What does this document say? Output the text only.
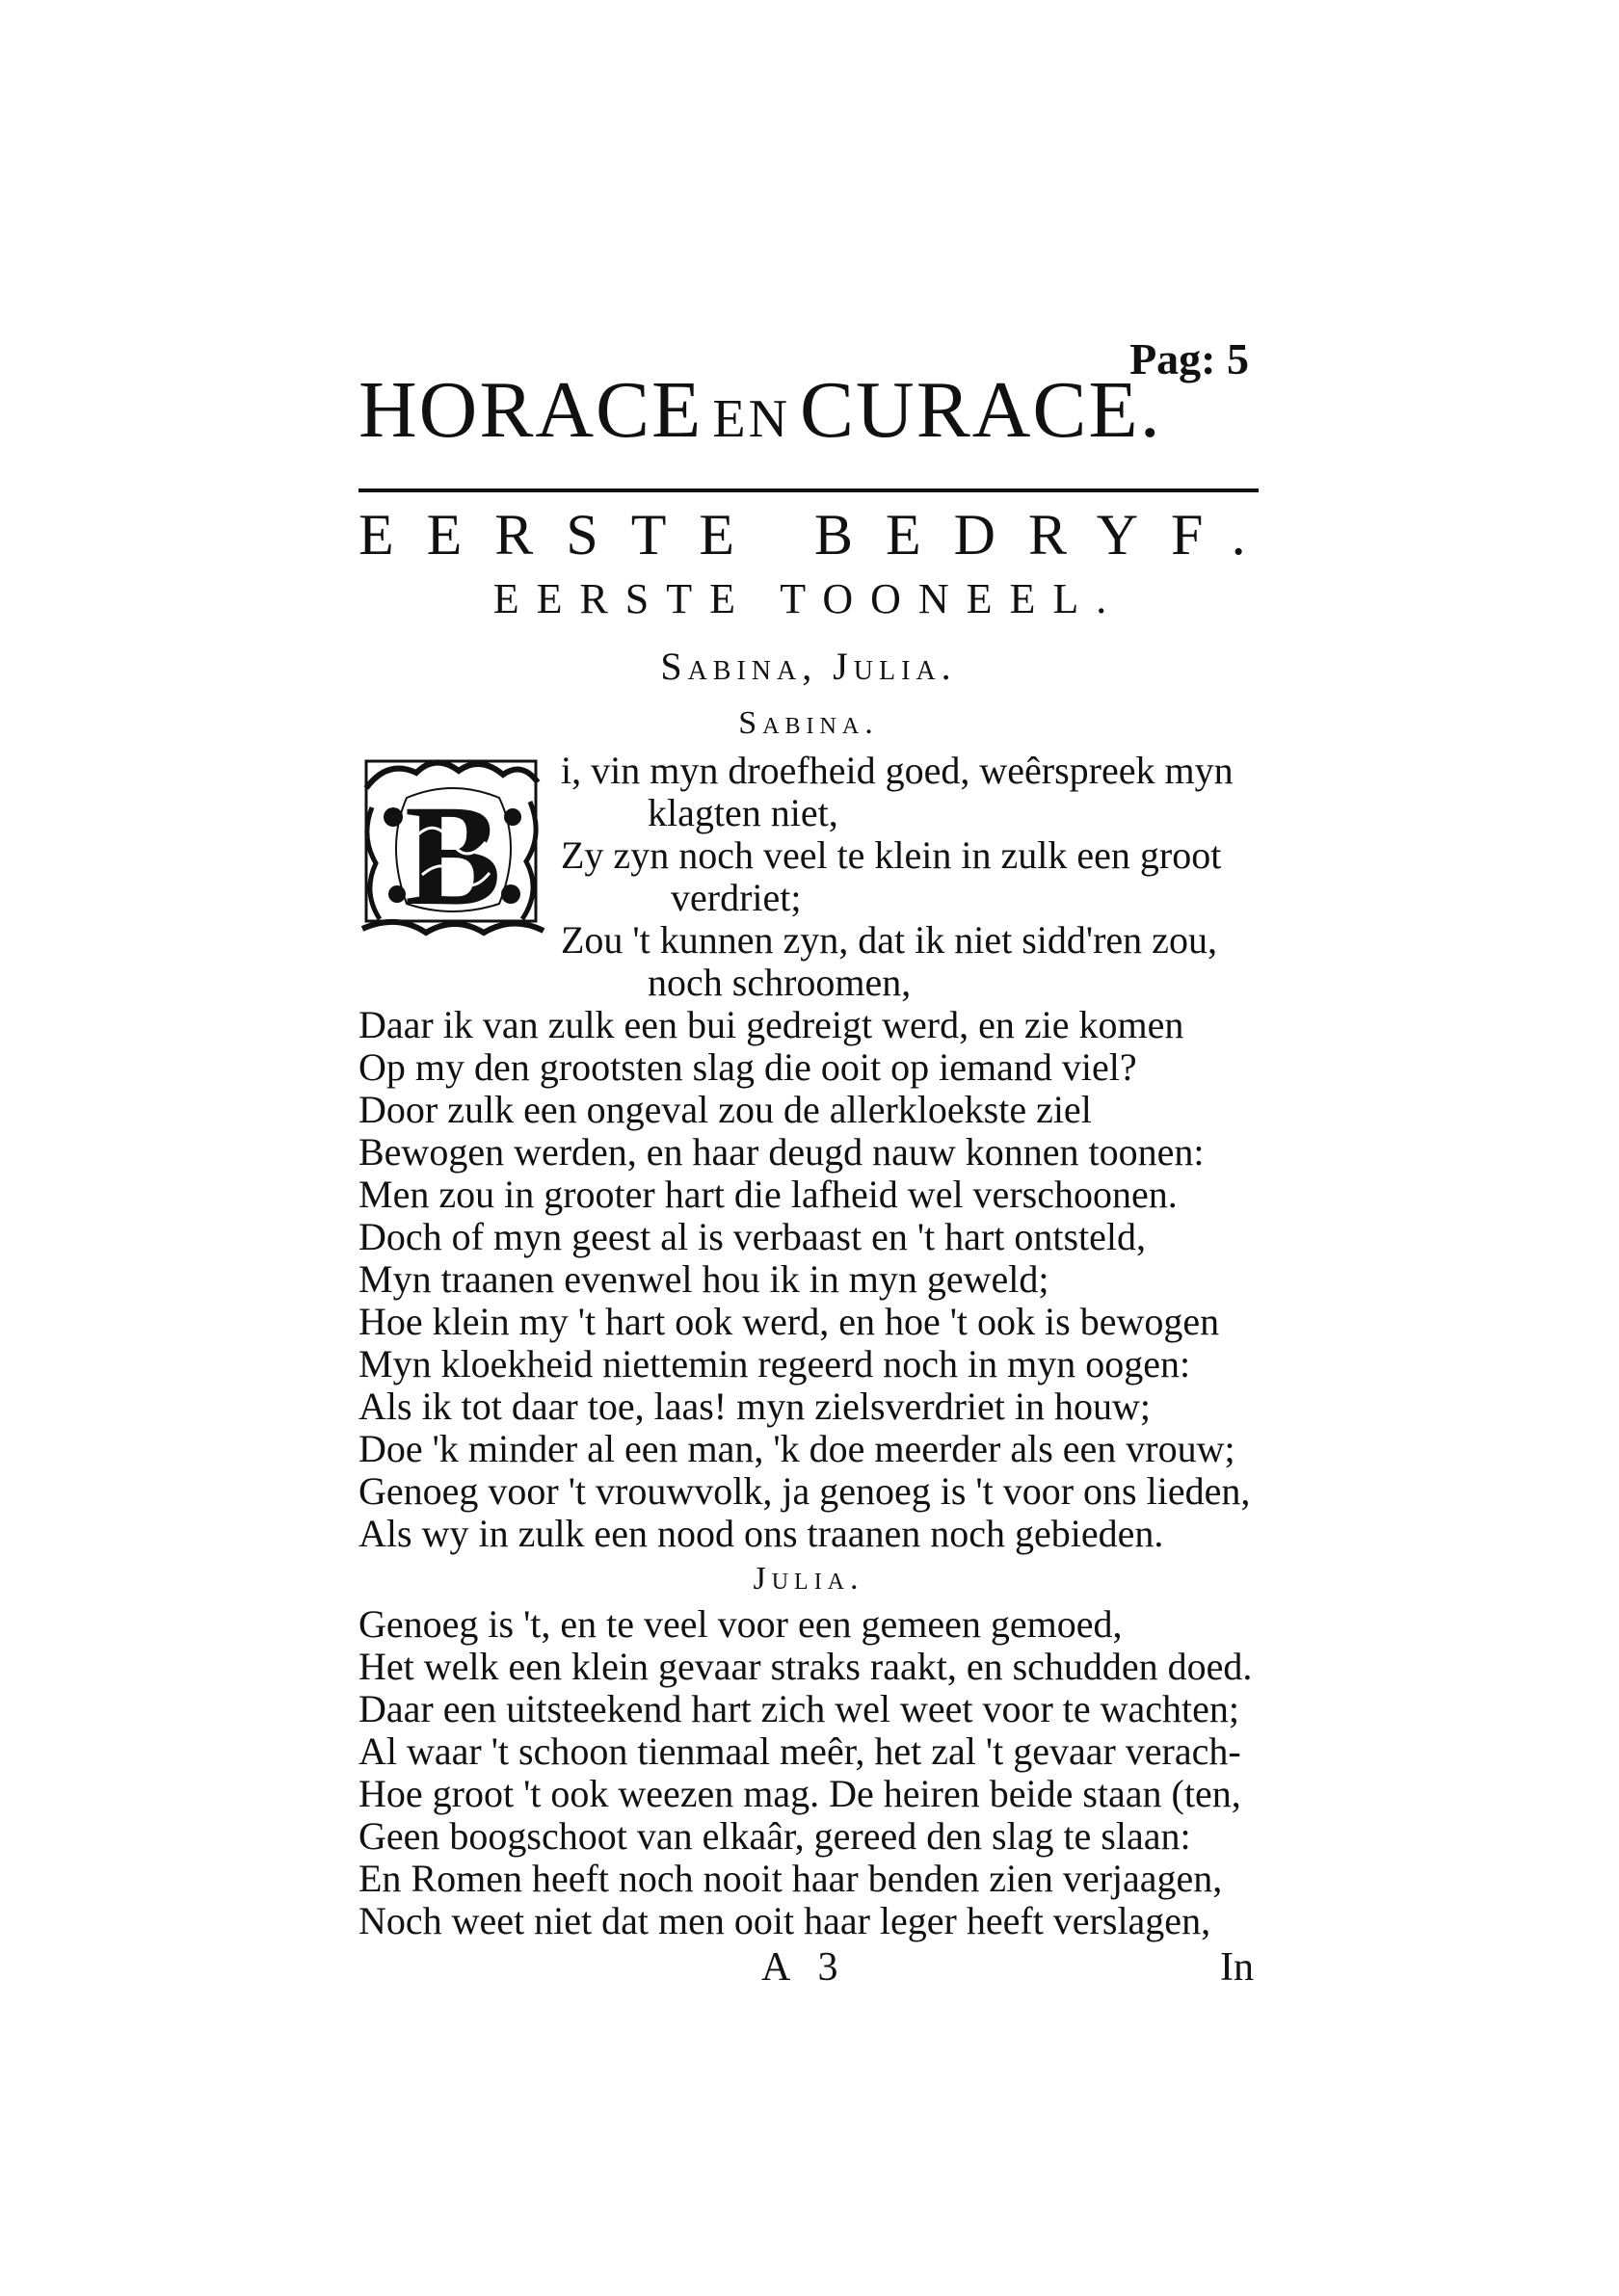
Pag: 5
HORACE EN CURACE.
EERSTE BEDRYF.
EERSTE TOONEEL.
Sabina, Julia.
Sabina.
B
i, vin myn droefheid goed, weêrspreek myn
klagten niet,
Zy zyn noch veel te klein in zulk een groot
verdriet;
Zou 't kunnen zyn, dat ik niet sidd'ren zou,
noch schroomen,
Daar ik van zulk een bui gedreigt werd, en zie komen
Op my den grootsten slag die ooit op iemand viel?
Door zulk een ongeval zou de allerkloekste ziel
Bewogen werden, en haar deugd nauw konnen toonen:
Men zou in grooter hart die lafheid wel verschoonen.
Doch of myn geest al is verbaast en 't hart ontsteld,
Myn traanen evenwel hou ik in myn geweld;
Hoe klein my 't hart ook werd, en hoe 't ook is bewogen
Myn kloekheid niettemin regeerd noch in myn oogen:
Als ik tot daar toe, laas! myn zielsverdriet in houw;
Doe 'k minder al een man, 'k doe meerder als een vrouw;
Genoeg voor 't vrouwvolk, ja genoeg is 't voor ons lieden,
Als wy in zulk een nood ons traanen noch gebieden.
Julia.
Genoeg is 't, en te veel voor een gemeen gemoed,
Het welk een klein gevaar straks raakt, en schudden doed.
Daar een uitsteekend hart zich wel weet voor te wachten;
Al waar 't schoon tienmaal meêr, het zal 't gevaar verach-
Hoe groot 't ook weezen mag. De heiren beide staan (ten,
Geen boogschoot van elkaâr, gereed den slag te slaan:
En Romen heeft noch nooit haar benden zien verjaagen,
Noch weet niet dat men ooit haar leger heeft verslagen,
A 3	In
